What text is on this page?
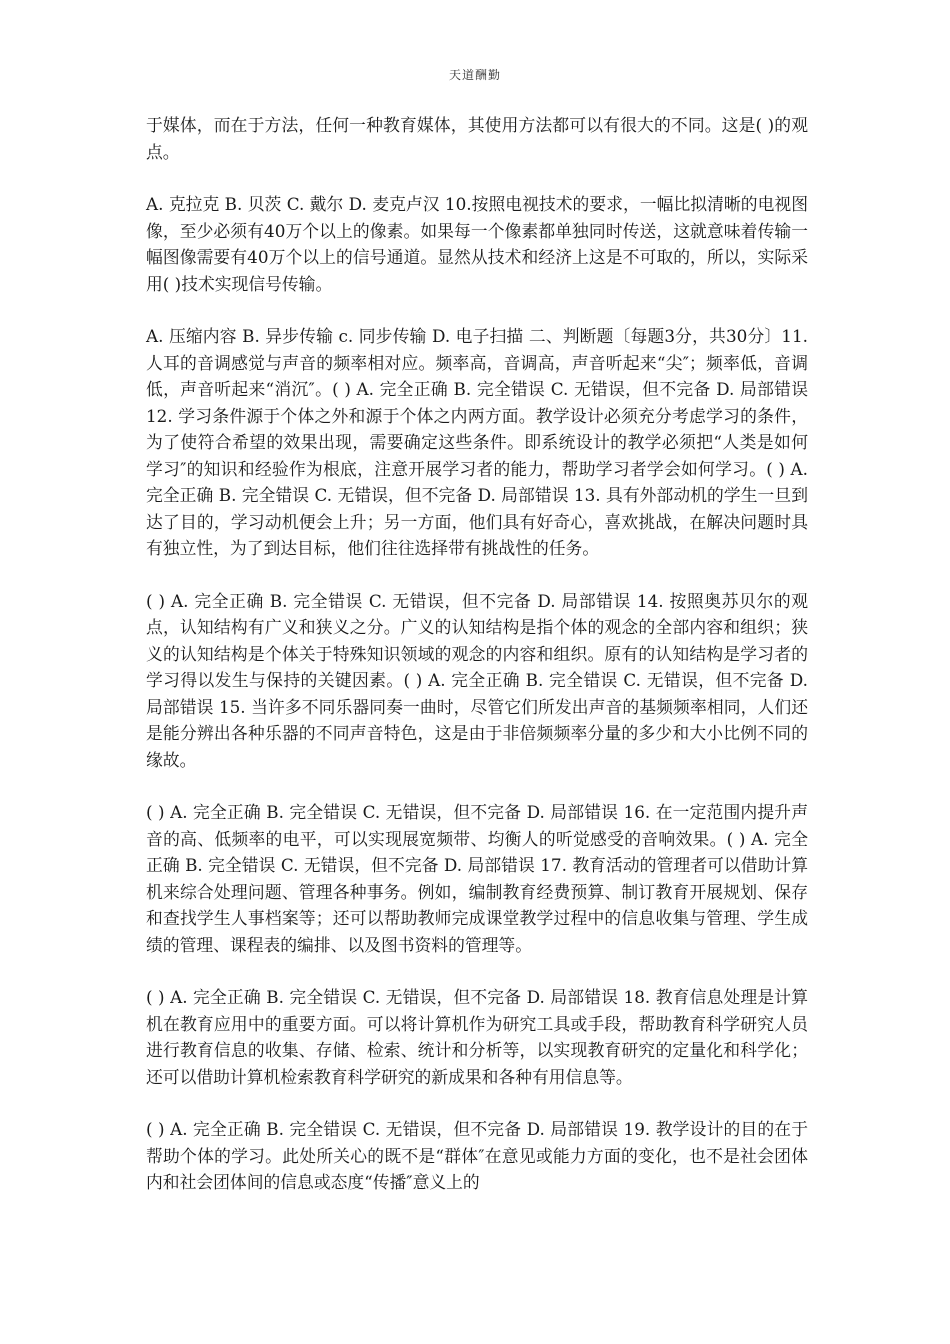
天道酬勤

于媒体，而在于方法，任何一种教育媒体，其使用方法都可以有很大的不同。这是( )的观点。

A. 克拉克 B. 贝茨 C. 戴尔 D. 麦克卢汉 10.按照电视技术的要求，一幅比拟清晰的电视图像，至少必须有40万个以上的像素。如果每一个像素都单独同时传送，这就意味着传输一幅图像需要有40万个以上的信号通道。显然从技术和经济上这是不可取的，所以，实际采用( )技术实现信号传输。

A. 压缩内容 B. 异步传输 c. 同步传输 D. 电子扫描 二、判断题〔每题3分，共30分〕11. 人耳的音调感觉与声音的频率相对应。频率高，音调高，声音听起来“尖″；频率低，音调低，声音听起来“消沉″。( ) A. 完全正确 B. 完全错误 C. 无错误，但不完备 D. 局部错误 12. 学习条件源于个体之外和源于个体之内两方面。教学设计必须充分考虑学习的条件，为了使符合希望的效果出现，需要确定这些条件。即系统设计的教学必须把“人类是如何学习″的知识和经验作为根底，注意开展学习者的能力，帮助学习者学会如何学习。( ) A. 完全正确 B. 完全错误 C. 无错误，但不完备 D. 局部错误 13. 具有外部动机的学生一旦到达了目的，学习动机便会上升；另一方面，他们具有好奇心，喜欢挑战，在解决问题时具有独立性，为了到达目标，他们往往选择带有挑战性的任务。

( ) A. 完全正确 B. 完全错误 C. 无错误，但不完备 D. 局部错误 14. 按照奥苏贝尔的观点，认知结构有广义和狭义之分。广义的认知结构是指个体的观念的全部内容和组织；狭义的认知结构是个体关于特殊知识领域的观念的内容和组织。原有的认知结构是学习者的学习得以发生与保持的关键因素。( ) A. 完全正确 B. 完全错误 C. 无错误，但不完备 D. 局部错误 15. 当许多不同乐器同奏一曲时，尽管它们所发出声音的基频频率相同，人们还是能分辨出各种乐器的不同声音特色，这是由于非倍频频率分量的多少和大小比例不同的缘故。

( ) A. 完全正确 B. 完全错误 C. 无错误，但不完备 D. 局部错误 16. 在一定范围内提升声音的高、低频率的电平，可以实现展宽频带、均衡人的听觉感受的音响效果。( ) A. 完全正确 B. 完全错误 C. 无错误，但不完备 D. 局部错误 17. 教育活动的管理者可以借助计算机来综合处理问题、管理各种事务。例如，编制教育经费预算、制订教育开展规划、保存和查找学生人事档案等；还可以帮助教师完成课堂教学过程中的信息收集与管理、学生成绩的管理、课程表的编排、以及图书资料的管理等。

( ) A. 完全正确 B. 完全错误 C. 无错误，但不完备 D. 局部错误 18. 教育信息处理是计算机在教育应用中的重要方面。可以将计算机作为研究工具或手段，帮助教育科学研究人员进行教育信息的收集、存储、检索、统计和分析等，以实现教育研究的定量化和科学化；还可以借助计算机检索教育科学研究的新成果和各种有用信息等。

( ) A. 完全正确 B. 完全错误 C. 无错误，但不完备 D. 局部错误 19. 教学设计的目的在于帮助个体的学习。此处所关心的既不是“群体″在意见或能力方面的变化，也不是社会团体内和社会团体间的信息或态度“传播″意义上的
